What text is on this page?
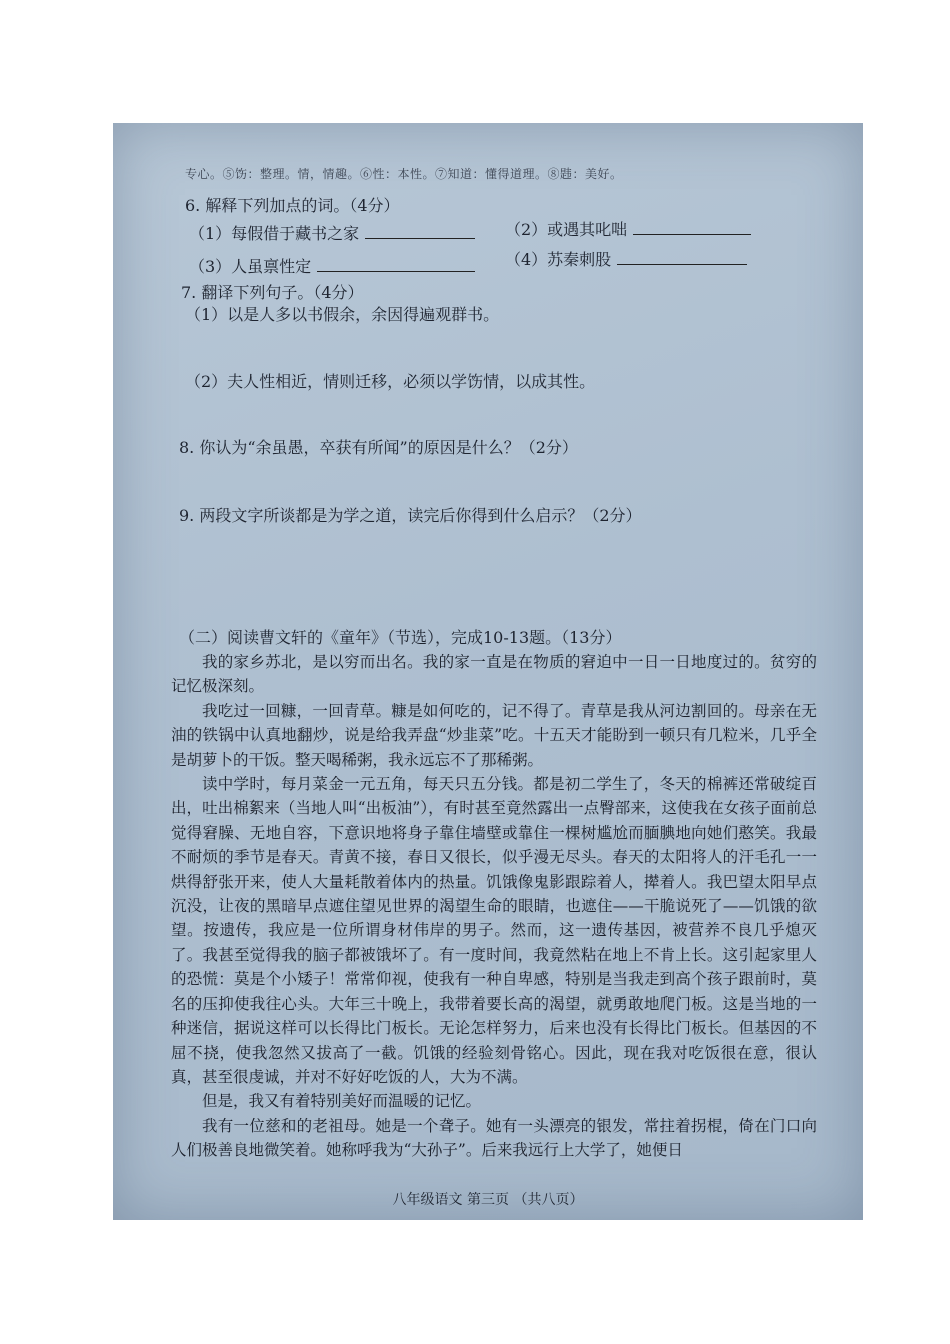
专心。⑤饬：整理。情，情趣。⑥性：本性。⑦知道：懂得道理。⑧韪：美好。
6. 解释下列加点的词。（4分）
（1）每假借于藏书之家	（2）或遇其叱咄
（3）人虽禀性定	（4）苏秦刺股
7. 翻译下列句子。（4分）
（1）以是人多以书假余，余因得遍观群书。
（2）夫人性相近，情则迁移，必须以学饬情，以成其性。
8. 你认为“余虽愚，卒获有所闻”的原因是什么？（2分）
9. 两段文字所谈都是为学之道，读完后你得到什么启示？（2分）
（二）阅读曹文轩的《童年》（节选），完成10-13题。（13分）

我的家乡苏北，是以穷而出名。我的家一直是在物质的窘迫中一日一日地度过的。贫穷的记忆极深刻。

我吃过一回糠，一回青草。糠是如何吃的，记不得了。青草是我从河边割回的。母亲在无油的铁锅中认真地翻炒，说是给我弄盘“炒韭菜”吃。十五天才能盼到一顿只有几粒米，几乎全是胡萝卜的干饭。整天喝稀粥，我永远忘不了那稀粥。

读中学时，每月菜金一元五角，每天只五分钱。都是初二学生了，冬天的棉裤还常破绽百出，吐出棉絮来（当地人叫“出板油”），有时甚至竟然露出一点臀部来，这使我在女孩子面前总觉得窘臊、无地自容，下意识地将身子靠住墙壁或靠住一棵树尴尬而腼腆地向她们憨笑。我最不耐烦的季节是春天。青黄不接，春日又很长，似乎漫无尽头。春天的太阳将人的汗毛孔一一烘得舒张开来，使人大量耗散着体内的热量。饥饿像鬼影跟踪着人，撵着人。我巴望太阳早点沉没，让夜的黑暗早点遮住望见世界的渴望生命的眼睛，也遮住——干脆说死了——饥饿的欲望。按遗传，我应是一位所谓身材伟岸的男子。然而，这一遗传基因，被营养不良几乎熄灭了。我甚至觉得我的脑子都被饿坏了。有一度时间，我竟然粘在地上不肯上长。这引起家里人的恐慌：莫是个小矮子！常常仰视，使我有一种自卑感，特别是当我走到高个孩子跟前时，莫名的压抑使我往心头。大年三十晚上，我带着要长高的渴望，就勇敢地爬门板。这是当地的一种迷信，据说这样可以长得比门板长。无论怎样努力，后来也没有长得比门板长。但基因的不屈不挠，使我忽然又拔高了一截。饥饿的经验刻骨铭心。因此，现在我对吃饭很在意，很认真，甚至很虔诚，并对不好好吃饭的人，大为不满。

但是，我又有着特别美好而温暖的记忆。

我有一位慈和的老祖母。她是一个聋子。她有一头漂亮的银发，常拄着拐棍，倚在门口向人们极善良地微笑着。她称呼我为“大孙子”。后来我远行上大学了，她便日

八年级语文 第三页 （共八页）
